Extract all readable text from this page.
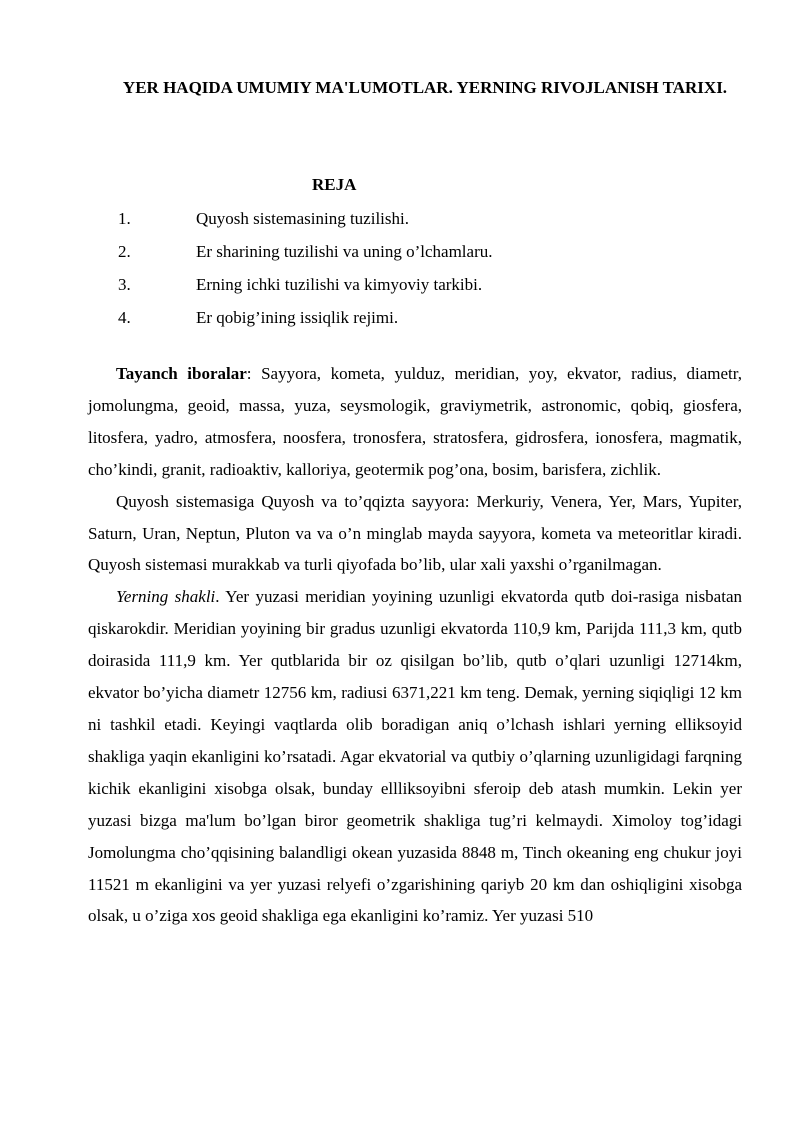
YER HAQIDA UMUMIY MA'LUMOTLAR. YERNING RIVOJLANISH TARIXI.
REJA
1.	Quyosh sistemasining tuzilishi.
2.	Er sharining tuzilishi va uning o’lchamlaru.
3.	Erning ichki tuzilishi va kimyoviy tarkibi.
4.	Er qobig’ining issiqlik rejimi.

Tayanch iboralar: Sayyora, kometa, yulduz, meridian, yoy, ekvator, radius, diametr, jomolungma, geoid, massa, yuza, seysmologik, graviymetrik, astronomic, qobiq, giosfera, litosfera, yadro, atmosfera, noosfera, tronosfera, stratosfera, gidrosfera, ionosfera, magmatik, cho’kindi, granit, radioaktiv, kalloriya, geotermik pog’ona, bosim, barisfera, zichlik.

Quyosh sistemasiga Quyosh va to’qqizta sayyora: Merkuriy, Venera, Yer, Mars, Yupiter, Saturn, Uran, Neptun, Pluton va va o’n minglab mayda sayyora, kometa va meteoritlar kiradi. Quyosh sistemasi murakkab va turli qiyofada bo’lib, ular xali yaxshi o’rganilmagan.

Yerning shakli. Yer yuzasi meridian yoyining uzunligi ekvatorda qutb doi-rasiga nisbatan qiskarokdir. Meridian yoyining bir gradus uzunligi ekvatorda 110,9 km, Parijda 111,3 km, qutb doirasida 111,9 km. Yer qutblarida bir oz qisilgan bo’lib, qutb o’qlari uzunligi 12714km, ekvator bo’yicha diametr 12756 km, radiusi 6371,221 km teng. Demak, yerning siqiqligi 12 km ni tashkil etadi. Keyingi vaqtlarda olib boradigan aniq o’lchash ishlari yerning elliksoyid shakliga yaqin ekanligini ko’rsatadi. Agar ekvatorial va qutbiy o’qlarning uzunligidagi farqning kichik ekanligini xisobga olsak, bunday ellliksoyibni sferoip deb atash mumkin. Lekin yer yuzasi bizga ma'lum bo’lgan biror geometrik shakliga tug’ri kelmaydi. Ximoloy tog’idagi Jomolungma cho’qqisining balandligi okean yuzasida 8848 m, Tinch okeaning eng chukur joyi 11521 m ekanligini va yer yuzasi relyefi o’zgarishining qariyb 20 km dan oshiqligini xisobga olsak, u o’ziga xos geoid shakliga ega ekanligini ko’ramiz. Yer yuzasi 510
